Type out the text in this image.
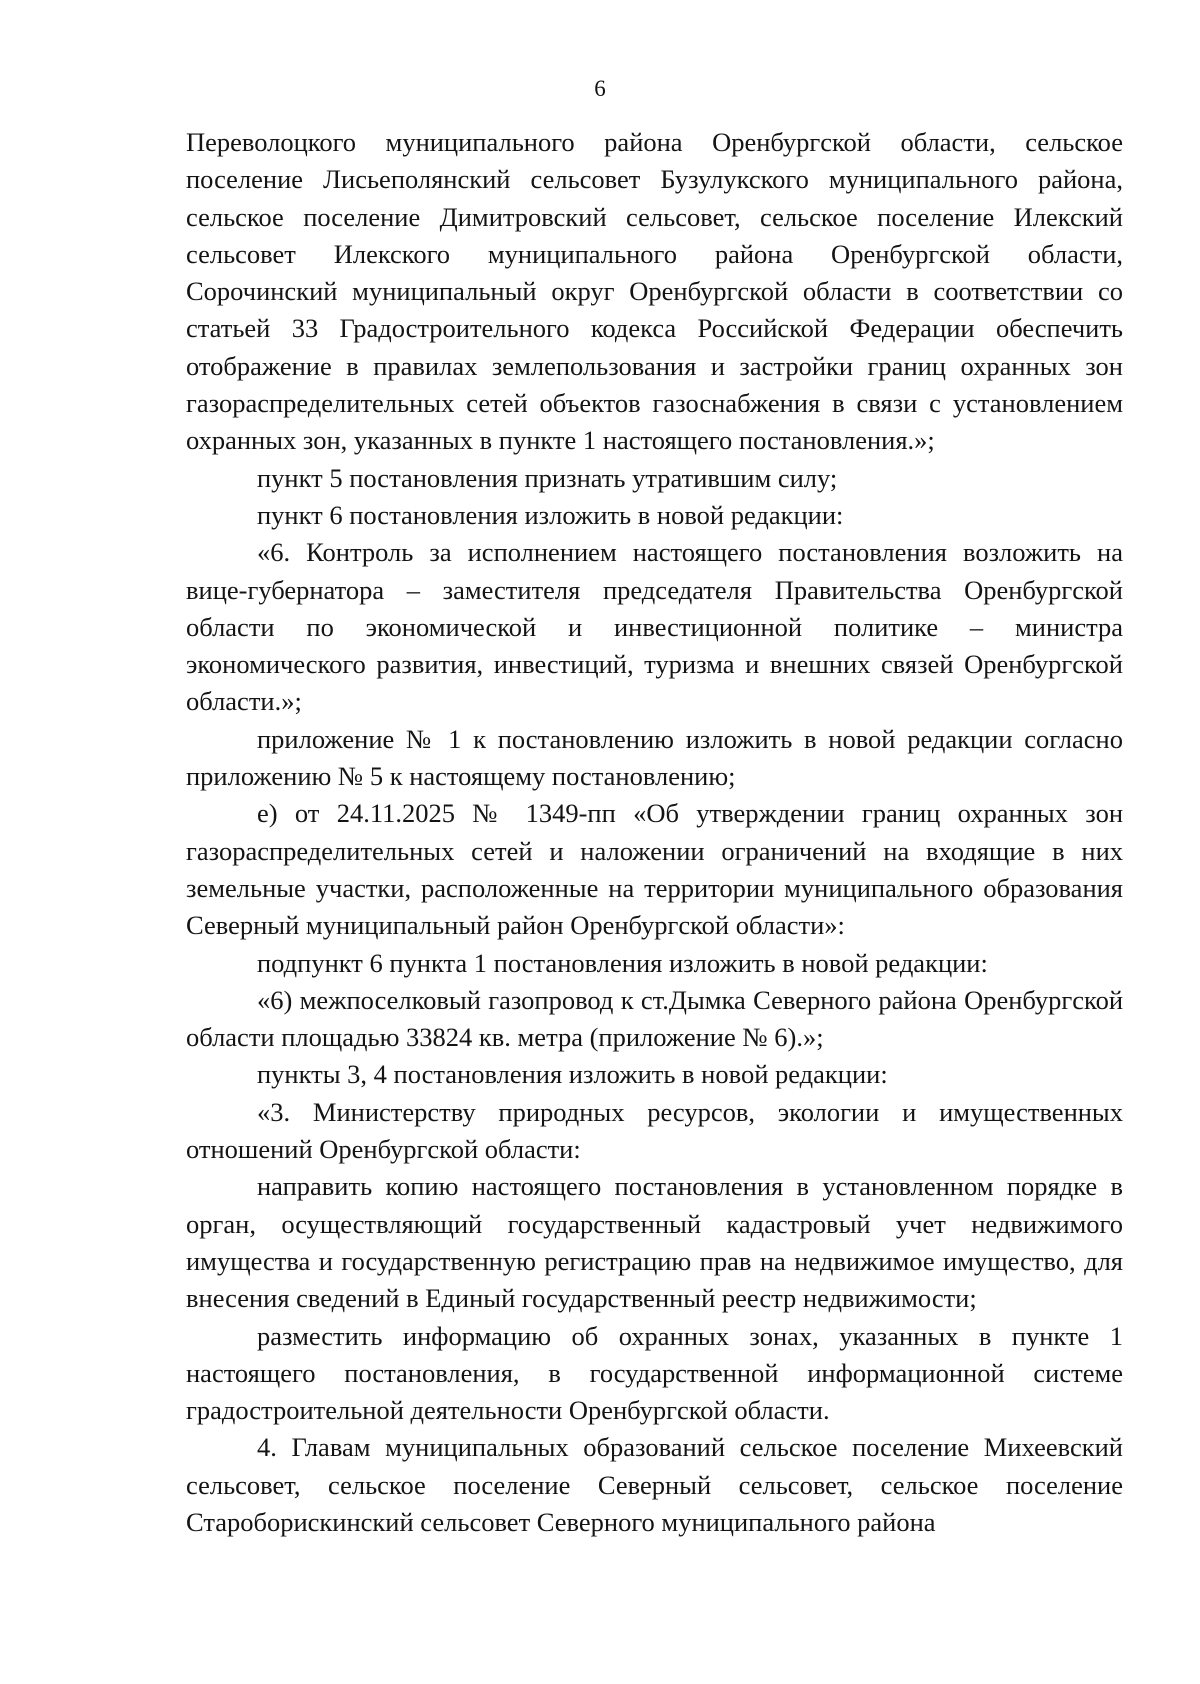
6

Переволоцкого муниципального района Оренбургской области, сельское поселение Лисьеполянский сельсовет Бузулукского муниципального района, сельское поселение Димитровский сельсовет, сельское поселение Илекский сельсовет Илекского муниципального района Оренбургской области, Сорочинский муниципальный округ Оренбургской области в соответствии со статьей 33 Градостроительного кодекса Российской Федерации обеспечить отображение в правилах землепользования и застройки границ охранных зон газораспределительных сетей объектов газоснабжения в связи с установлением охранных зон, указанных в пункте 1 настоящего постановления.»;

пункт 5 постановления признать утратившим силу;

пункт 6 постановления изложить в новой редакции:

«6. Контроль за исполнением настоящего постановления возложить на вице-губернатора – заместителя председателя Правительства Оренбургской области по экономической и инвестиционной политике – министра экономического развития, инвестиций, туризма и внешних связей Оренбургской области.»;

приложение № 1 к постановлению изложить в новой редакции согласно приложению № 5 к настоящему постановлению;

е) от 24.11.2025 № 1349-пп «Об утверждении границ охранных зон газораспределительных сетей и наложении ограничений на входящие в них земельные участки, расположенные на территории муниципального образования Северный муниципальный район Оренбургской области»:

подпункт 6 пункта 1 постановления изложить в новой редакции:

«6) межпоселковый газопровод к ст.Дымка Северного района Оренбургской области площадью 33824 кв. метра (приложение № 6).»;

пункты 3, 4 постановления изложить в новой редакции:

«3. Министерству природных ресурсов, экологии и имущественных отношений Оренбургской области:

направить копию настоящего постановления в установленном порядке в орган, осуществляющий государственный кадастровый учет недвижимого имущества и государственную регистрацию прав на недвижимое имущество, для внесения сведений в Единый государственный реестр недвижимости;

разместить информацию об охранных зонах, указанных в пункте 1 настоящего постановления, в государственной информационной системе градостроительной деятельности Оренбургской области.

4. Главам муниципальных образований сельское поселение Михеевский сельсовет, сельское поселение Северный сельсовет, сельское поселение Староборискинский сельсовет Северного муниципального района
